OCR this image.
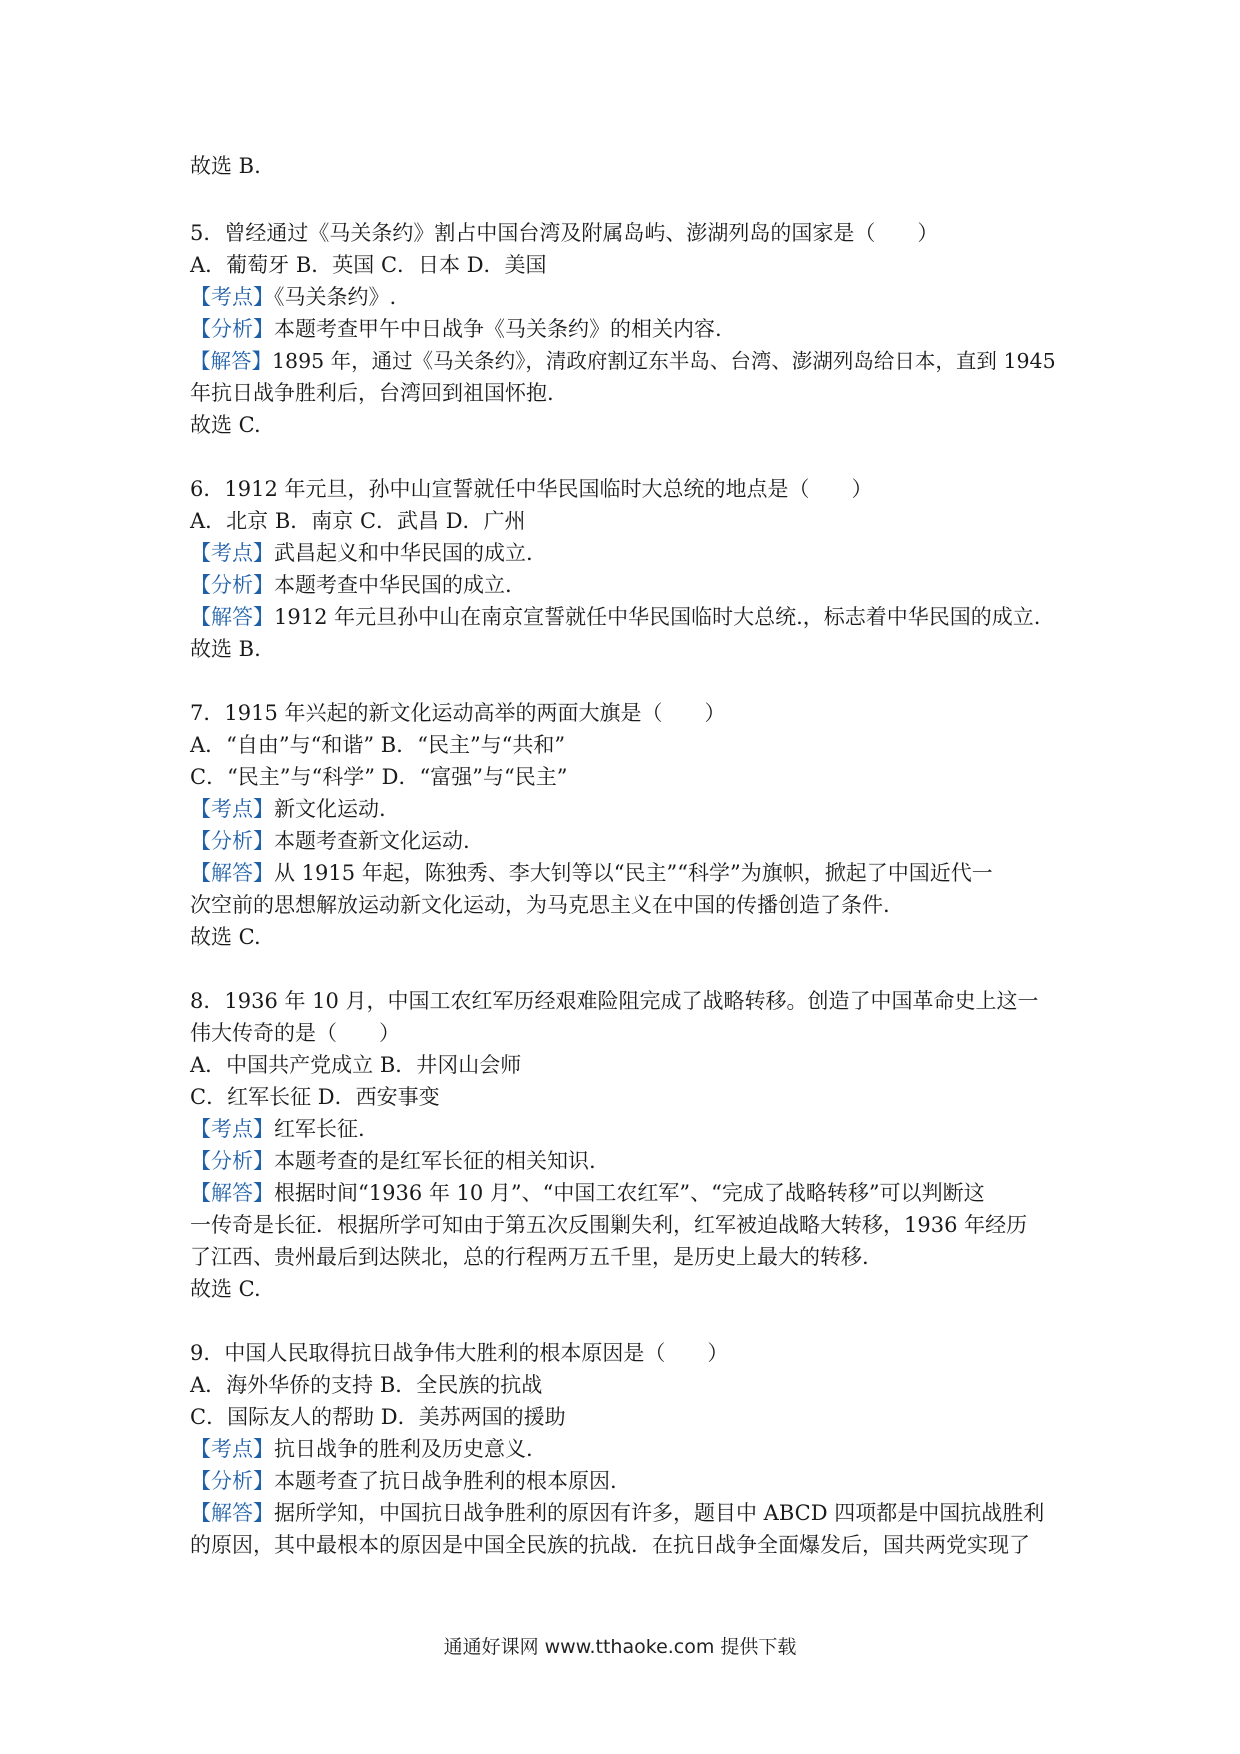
故选 B.
5．曾经通过《马关条约》割占中国台湾及附属岛屿、澎湖列岛的国家是（　　）
A．葡萄牙 B．英国 C．日本 D．美国
【考点】《马关条约》.
【分析】本题考查甲午中日战争《马关条约》的相关内容.
【解答】1895 年，通过《马关条约》，清政府割辽东半岛、台湾、澎湖列岛给日本，直到 1945
年抗日战争胜利后，台湾回到祖国怀抱.
故选 C.
6．1912 年元旦，孙中山宣誓就任中华民国临时大总统的地点是（　　）
A．北京 B．南京 C．武昌 D．广州
【考点】武昌起义和中华民国的成立.
【分析】本题考查中华民国的成立.
【解答】1912 年元旦孙中山在南京宣誓就任中华民国临时大总统.，标志着中华民国的成立.
故选 B.
7．1915 年兴起的新文化运动高举的两面大旗是（　　）
A．“自由”与“和谐” B．“民主”与“共和”
C．“民主”与“科学” D．“富强”与“民主”
【考点】新文化运动.
【分析】本题考查新文化运动.
【解答】从 1915 年起，陈独秀、李大钊等以“民主”“科学”为旗帜，掀起了中国近代一
次空前的思想解放运动新文化运动，为马克思主义在中国的传播创造了条件.
故选 C.
8．1936 年 10 月，中国工农红军历经艰难险阻完成了战略转移。创造了中国革命史上这一
伟大传奇的是（　　）
A．中国共产党成立 B．井冈山会师
C．红军长征 D．西安事变
【考点】红军长征.
【分析】本题考查的是红军长征的相关知识.
【解答】根据时间“1936 年 10 月”、“中国工农红军”、“完成了战略转移”可以判断这
一传奇是长征．根据所学可知由于第五次反围剿失利，红军被迫战略大转移，1936 年经历
了江西、贵州最后到达陕北，总的行程两万五千里，是历史上最大的转移.
故选 C.
9．中国人民取得抗日战争伟大胜利的根本原因是（　　）
A．海外华侨的支持 B．全民族的抗战
C．国际友人的帮助 D．美苏两国的援助
【考点】抗日战争的胜利及历史意义.
【分析】本题考查了抗日战争胜利的根本原因.
【解答】据所学知，中国抗日战争胜利的原因有许多，题目中 ABCD 四项都是中国抗战胜利
的原因，其中最根本的原因是中国全民族的抗战．在抗日战争全面爆发后，国共两党实现了
通通好课网 www.tthaoke.com 提供下载
